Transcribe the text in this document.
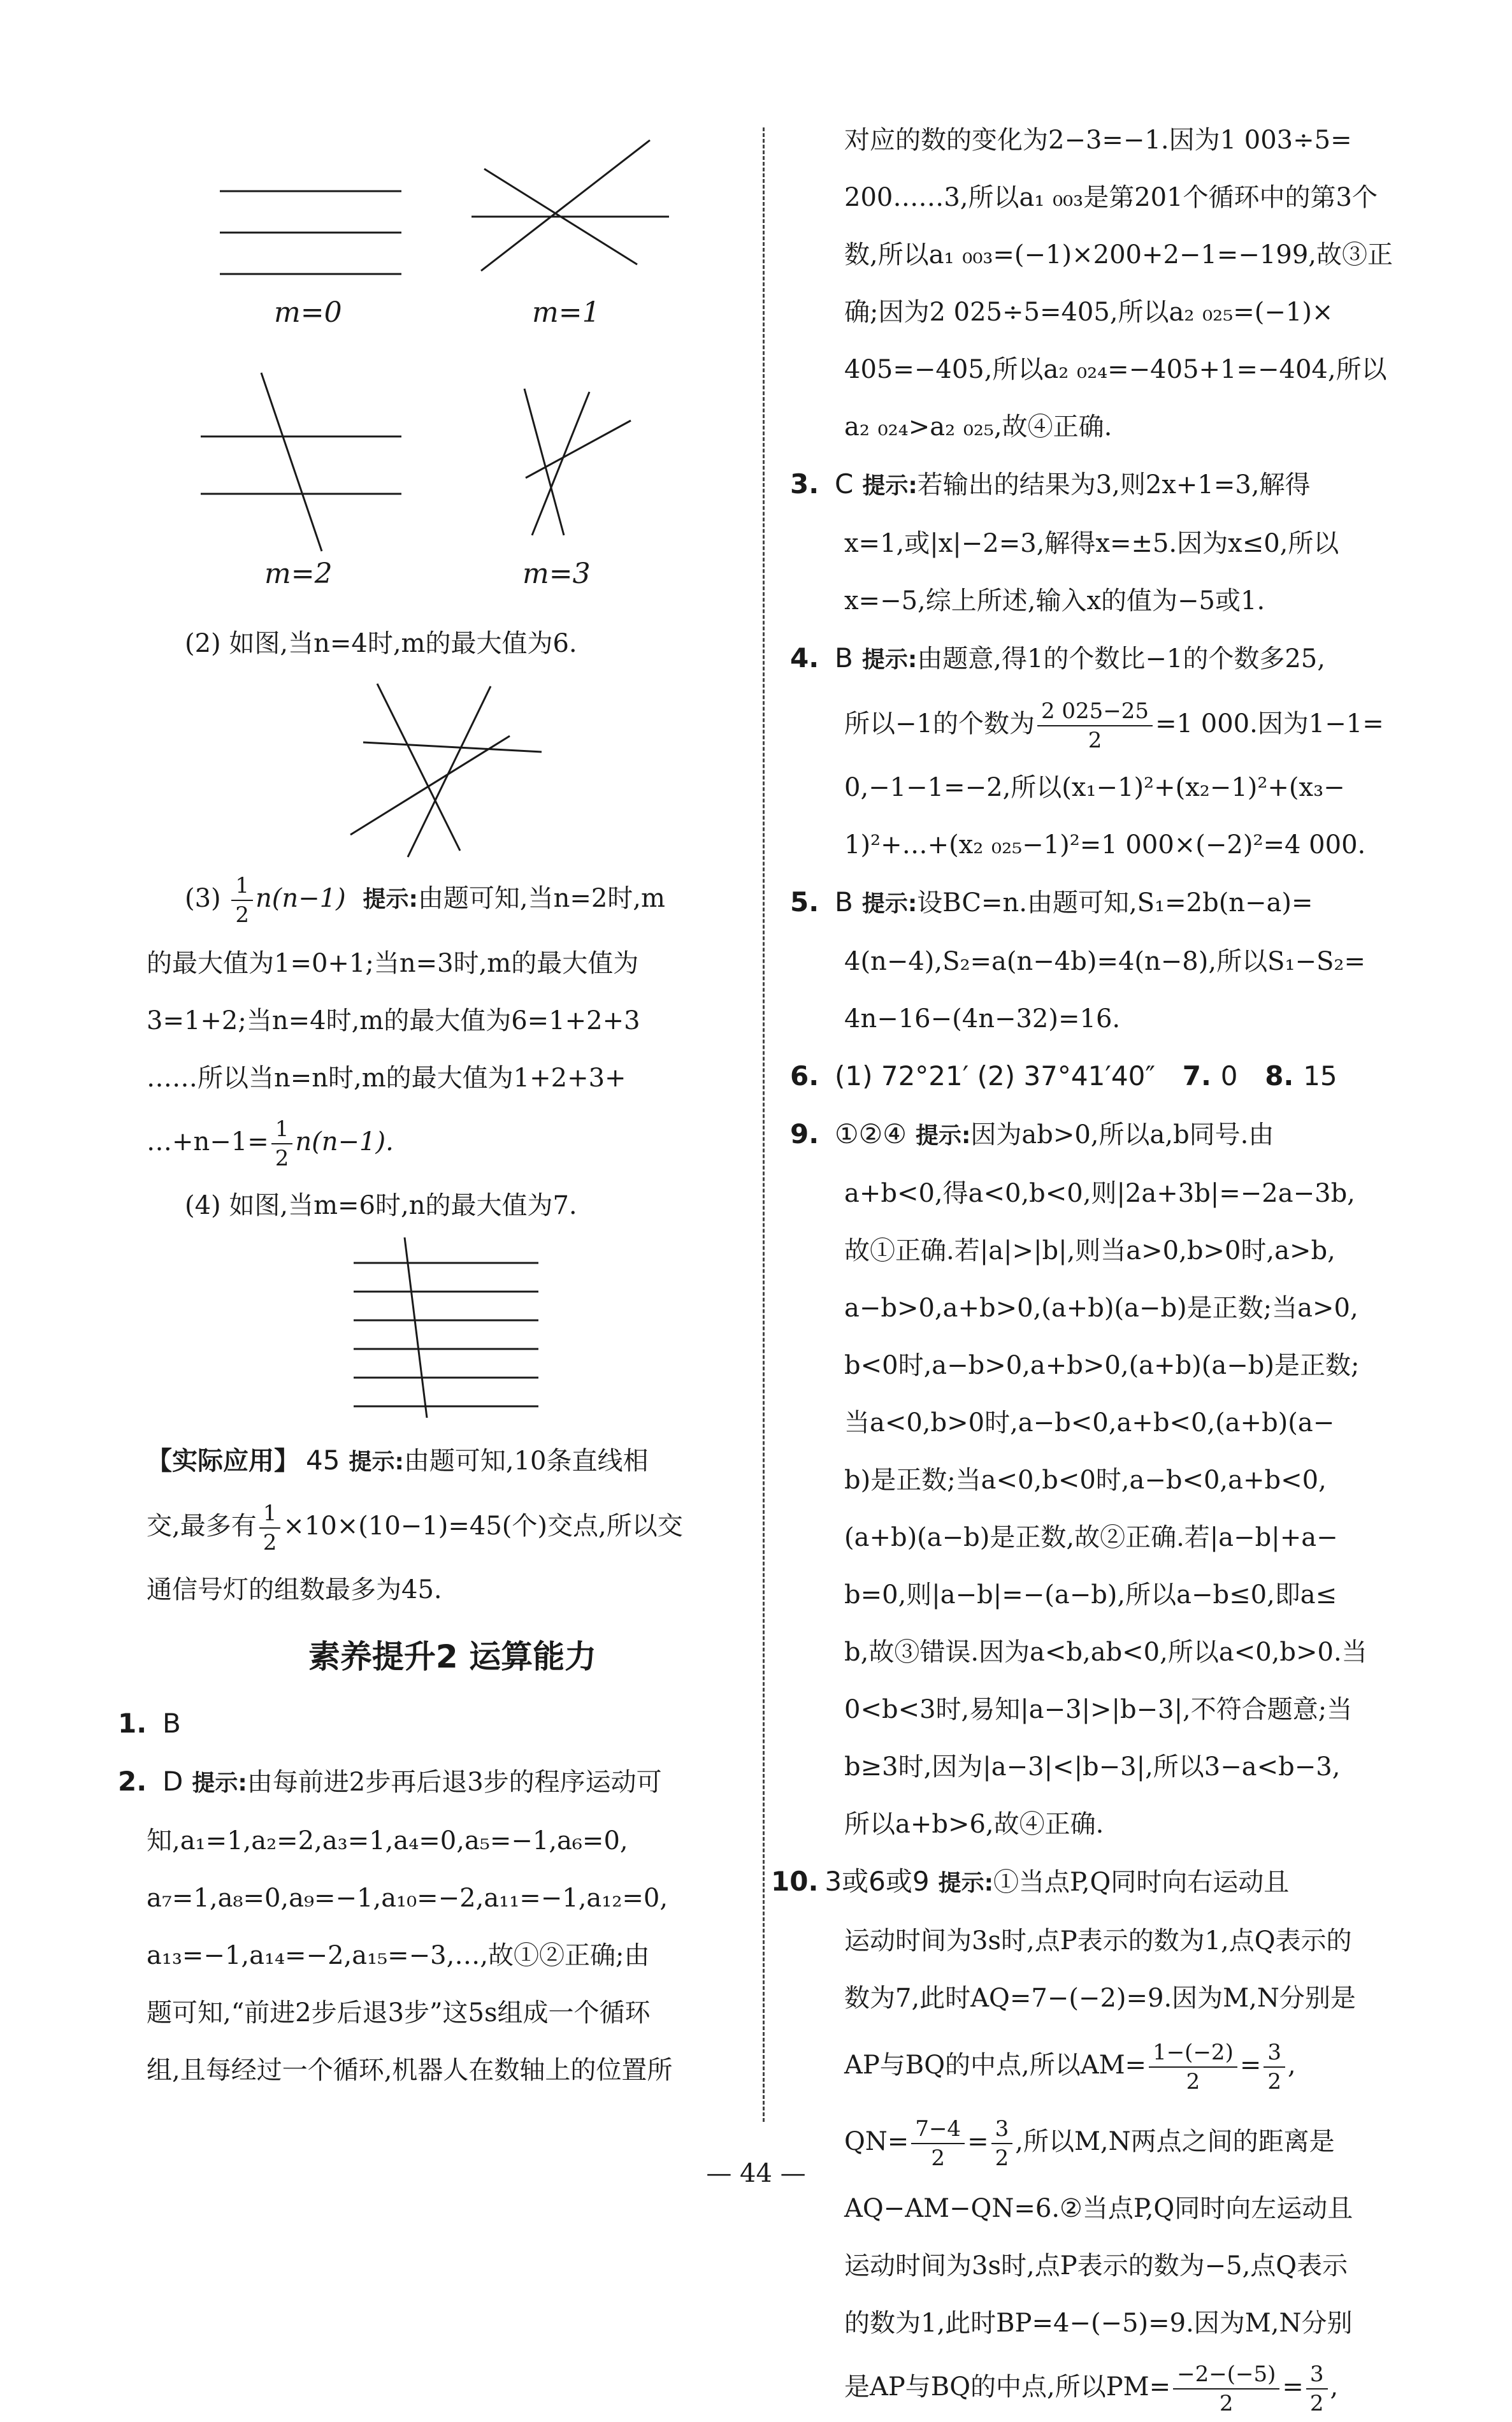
m=0	m=1
m=2	m=3
(2) 如图,当n=4时,m的最大值为6.
$(3) \frac{1}{2} n(n-1)$ 提示:由题可知,当n=2时,m
的最大值为1=0+1;当n=3时,m的最大值为
3=1+2;当n=4时,m的最大值为6=1+2+3
……所以当n=n时,m的最大值为1+2+3+
…+n−1= $\frac{1}{2} n(n-1)$.
(4) 如图,当m=6时,n的最大值为7.
【实际应用】 45 提示:由题可知,10条直线相
交,最多有 $\frac{1}{2} \times 10\times(10-1)=45$(个)交点,所以交
通信号灯的组数最多为45.
素养提升2 运算能力
1. B
2. D 提示:由每前进2步再后退3步的程序运动可
知,a₁=1,a₂=2,a₃=1,a₄=0,a₅=−1,a₆=0,
a₇=1,a₈=0,a₉=−1,a₁₀=−2,a₁₁=−1,a₁₂=0,
a₁₃=−1,a₁₄=−2,a₁₅=−3,…,故①②正确;由
题可知,“前进2步后退3步”这5s组成一个循环
组,且每经过一个循环,机器人在数轴上的位置所
对应的数的变化为2−3=−1.因为1 003÷5=
200……3,所以a₁ ₀₀₃是第201个循环中的第3个
数,所以a₁ ₀₀₃=(−1)×200+2−1=−199,故③正
确;因为2 025÷5=405,所以a₂ ₀₂₅=(−1)×
405=−405,所以a₂ ₀₂₄=−405+1=−404,所以
a₂ ₀₂₄>a₂ ₀₂₅,故④正确.
3. C 提示:若输出的结果为3,则2x+1=3,解得
x=1,或|x|−2=3,解得x=±5.因为x≤0,所以
x=−5,综上所述,输入x的值为−5或1.
4. B 提示:由题意,得1的个数比−1的个数多25,
所以−1的个数为 $\frac{2 025-25}{2} =1$ 000.因为1−1=
0,−1−1=−2,所以(x₁−1)²+(x₂−1)²+(x₃−
1)²+…+(x₂ ₀₂₅−1)²=1 000×(−2)²=4 000.
5. B 提示:设BC=n.由题可知,S₁=2b(n−a)=
4(n−4),S₂=a(n−4b)=4(n−8),所以S₁−S₂=
4n−16−(4n−32)=16.
6. (1) 72°21′ (2) 37°41′40″ 7. 0 8. 15
9. ①②④ 提示:因为ab>0,所以a,b同号.由
a+b<0,得a<0,b<0,则|2a+3b|=−2a−3b,
故①正确.若|a|>|b|,则当a>0,b>0时,a>b,
a−b>0,a+b>0,(a+b)(a−b)是正数;当a>0,
b<0时,a−b>0,a+b>0,(a+b)(a−b)是正数;
当a<0,b>0时,a−b<0,a+b<0,(a+b)(a−
b)是正数;当a<0,b<0时,a−b<0,a+b<0,
(a+b)(a−b)是正数,故②正确.若|a−b|+a−
b=0,则|a−b|=−(a−b),所以a−b≤0,即a≤
b,故③错误.因为a<b,ab<0,所以a<0,b>0.当
0<b<3时,易知|a−3|>|b−3|,不符合题意;当
b≥3时,因为|a−3|<|b−3|,所以3−a<b−3,
所以a+b>6,故④正确.
10. 3或6或9 提示:①当点P,Q同时向右运动且
运动时间为3s时,点P表示的数为1,点Q表示的
数为7,此时AQ=7−(−2)=9.因为M,N分别是
AP与BQ的中点,所以$AM= \frac{1-(-2)}{2} = \frac{3}{2}$ ,
$QN= \frac{7-4}{2} = \frac{3}{2}$ ,所以M,N两点之间的距离是
AQ−AM−QN=6.②当点P,Q同时向左运动且
运动时间为3s时,点P表示的数为−5,点Q表示
的数为1,此时BP=4−(−5)=9.因为M,N分别
是AP与BQ的中点,所以$PM= \frac{-2-(-5)}{2} = \frac{3}{2}$ ,
— 44 —
